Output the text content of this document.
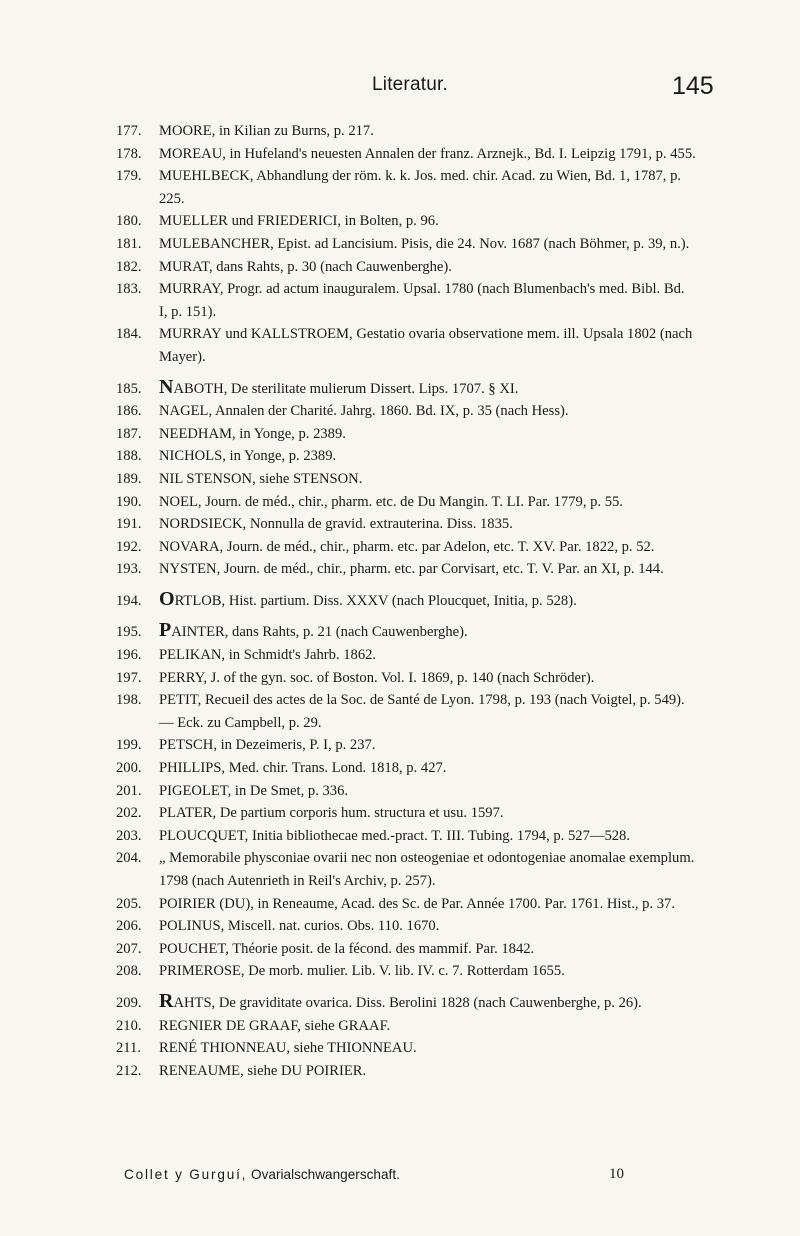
Literatur.	145
177. MOORE, in Kilian zu Burns, p. 217.
178. MOREAU, in Hufeland's neuesten Annalen der franz. Arznejk., Bd. I. Leipzig 1791, p. 455.
179. MUEHLBECK, Abhandlung der röm. k. k. Jos. med. chir. Acad. zu Wien, Bd. 1, 1787, p. 225.
180. MUELLER und FRIEDERICI, in Bolten, p. 96.
181. MULEBANCHER, Epist. ad Lancisium. Pisis, die 24. Nov. 1687 (nach Böhmer, p. 39, n.).
182. MURAT, dans Rahts, p. 30 (nach Cauwenberghe).
183. MURRAY, Progr. ad actum inauguralem. Upsal. 1780 (nach Blumenbach's med. Bibl. Bd. I, p. 151).
184. MURRAY und KALLSTROEM, Gestatio ovaria observatione mem. ill. Upsala 1802 (nach Mayer).
185. NABOTH, De sterilitate mulierum Dissert. Lips. 1707. § XI.
186. NAGEL, Annalen der Charité. Jahrg. 1860. Bd. IX, p. 35 (nach Hess).
187. NEEDHAM, in Yonge, p. 2389.
188. NICHOLS, in Yonge, p. 2389.
189. NIL STENSON, siehe STENSON.
190. NOEL, Journ. de méd., chir., pharm. etc. de Du Mangin. T. LI. Par. 1779, p. 55.
191. NORDSIECK, Nonnulla de gravid. extrauterina. Diss. 1835.
192. NOVARA, Journ. de méd., chir., pharm. etc. par Adelon, etc. T. XV. Par. 1822, p. 52.
193. NYSTEN, Journ. de méd., chir., pharm. etc. par Corvisart, etc. T. V. Par. an XI, p. 144.
194. ORTLOB, Hist. partium. Diss. XXXV (nach Ploucquet, Initia, p. 528).
195. PAINTER, dans Rahts, p. 21 (nach Cauwenberghe).
196. PELIKAN, in Schmidt's Jahrb. 1862.
197. PERRY, J. of the gyn. soc. of Boston. Vol. I. 1869, p. 140 (nach Schröder).
198. PETIT, Recueil des actes de la Soc. de Santé de Lyon. 1798, p. 193 (nach Voigtel, p. 549). — Eck. zu Campbell, p. 29.
199. PETSCH, in Dezeimeris, P. I, p. 237.
200. PHILLIPS, Med. chir. Trans. Lond. 1818, p. 427.
201. PIGEOLET, in De Smet, p. 336.
202. PLATER, De partium corporis hum. structura et usu. 1597.
203. PLOUCQUET, Initia bibliothecae med.-pract. T. III. Tubing. 1794, p. 527—528.
204. „ Memorabile physconiae ovarii nec non osteogeniae et odontogeniae anomalae exemplum. 1798 (nach Autenrieth in Reil's Archiv, p. 257).
205. POIRIER (DU), in Reneaume, Acad. des Sc. de Par. Année 1700. Par. 1761. Hist., p. 37.
206. POLINUS, Miscell. nat. curios. Obs. 110. 1670.
207. POUCHET, Théorie posit. de la fécond. des mammif. Par. 1842.
208. PRIMEROSE, De morb. mulier. Lib. V. lib. IV. c. 7. Rotterdam 1655.
209. RAHTS, De graviditate ovarica. Diss. Berolini 1828 (nach Cauwenberghe, p. 26).
210. REGNIER DE GRAAF, siehe GRAAF.
211. RENÉ THIONNEAU, siehe THIONNEAU.
212. RENEAUME, siehe DU POIRIER.
Collet y Gurguí, Ovarialschwangerschaft.	10
